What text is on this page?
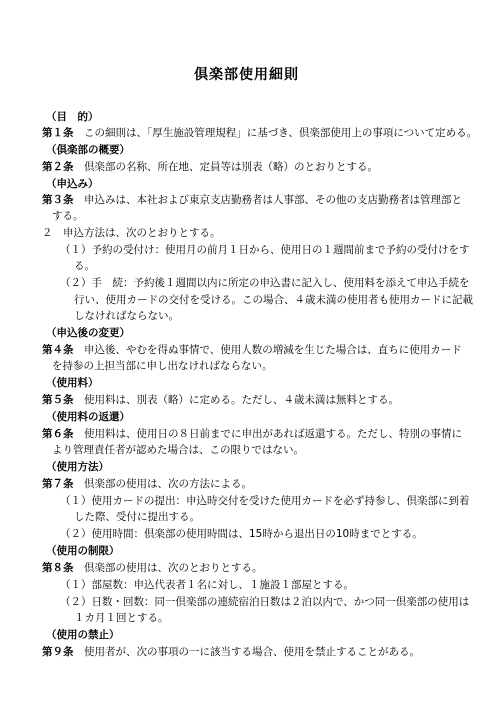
倶楽部使用細則
（目　的）
第１条　 この細則は、「厚生施設管理規程」に基づき、倶楽部使用上の事項について定める。
（倶楽部の概要）
第２条　 倶楽部の名称、所在地、定員等は別表（略）のとおりとする。
（申込み）
第３条　 申込みは、本社および東京支店勤務者は人事部、その他の支店勤務者は管理部と
する。
２　 申込方法は、次のとおりとする。
（１）予約の受付け：使用月の前月１日から、使用日の１週間前まで予約の受付けをす
る。
（２）手　続：予約後１週間以内に所定の申込書に記入し、使用料を添えて申込手続を
行い、使用カードの交付を受ける。この場合、４歳未満の使用者も使用カードに記載
しなければならない。
（申込後の変更）
第４条　 申込後、やむを得ぬ事情で、使用人数の増減を生じた場合は、直ちに使用カード
を持参の上担当部に申し出なければならない。
（使用料）
第５条　 使用料は、別表（略）に定める。ただし、４歳未満は無料とする。
（使用料の返還）
第６条　 使用料は、使用日の８日前までに申出があれば返還する。ただし、特別の事情に
より管理責任者が認めた場合は、この限りではない。
（使用方法）
第７条　 倶楽部の使用は、次の方法による。
（１）使用カードの提出：申込時交付を受けた使用カードを必ず持参し、倶楽部に到着
した際、受付に提出する。
（２）使用時間：倶楽部の使用時間は、15時から退出日の10時までとする。
（使用の制限）
第８条　 倶楽部の使用は、次のとおりとする。
（１）部屋数：申込代表者１名に対し、１施設１部屋とする。
（２）日数・回数：同一倶楽部の連続宿泊日数は２泊以内で、かつ同一倶楽部の使用は
１カ月１回とする。
（使用の禁止）
第９条　 使用者が、次の事項の一に該当する場合、使用を禁止することがある。
